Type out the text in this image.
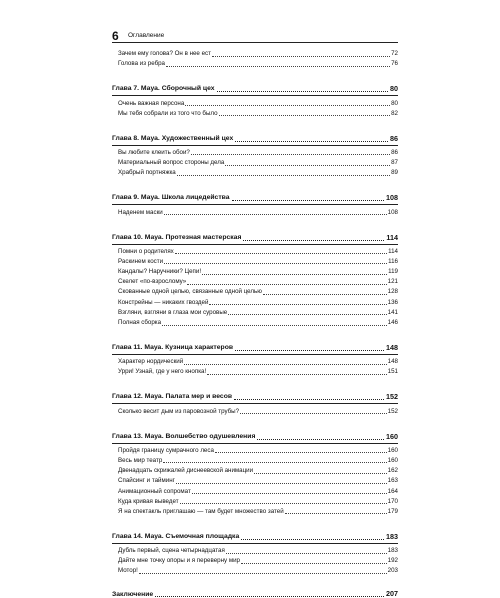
6 Оглавление
Зачем ему голова? Он в нее ест	72
Голова из ребра	76
Глава 7. Мауа. Сборочный цех	80
Очень важная персона	80
Мы тебя собрали из того что было	82
Глава 8. Мауа. Художественный цех	86
Вы любите клеить обои?	86
Материальный вопрос стороны дела	87
Храбрый портняжка	89
Глава 9. Мауа. Школа лицедейства	108
Наденем маски	108
Глава 10. Мауа. Протезная мастерская	114
Помни о родителях	114
Раскинем кости	116
Кандалы? Наручники? Цепи!	119
Скелет «по-взрослому»	121
Скованные одной целью, связанные одной целью	128
Констрейны — никаких гвоздей	136
Взгляни, взгляни в глаза мои суровые	141
Полная сборка	146
Глава 11. Мауа. Кузница характеров	148
Характер нордический	148
Урри! Узнай, где у него кнопка!	151
Глава 12. Мауа. Палата мер и весов	152
Сколько весит дым из паровозной трубы?	152
Глава 13. Мауа. Волшебство одушевления	160
Пройдя границу сумрачного леса	160
Весь мир театр	160
Двенадцать скрижалей диснеевской анимации	162
Спайсинг и тайминг	163
Анимационный сопромат	164
Куда кривая выведет	170
Я на спектакль приглашаю — там будет множество затей	179
Глава 14. Мауа. Съемочная площадка	183
Дубль первый, сцена четырнадцатая	183
Дайте мне точку опоры и я переверну мир	192
Мотор!	203
Заключение	207
